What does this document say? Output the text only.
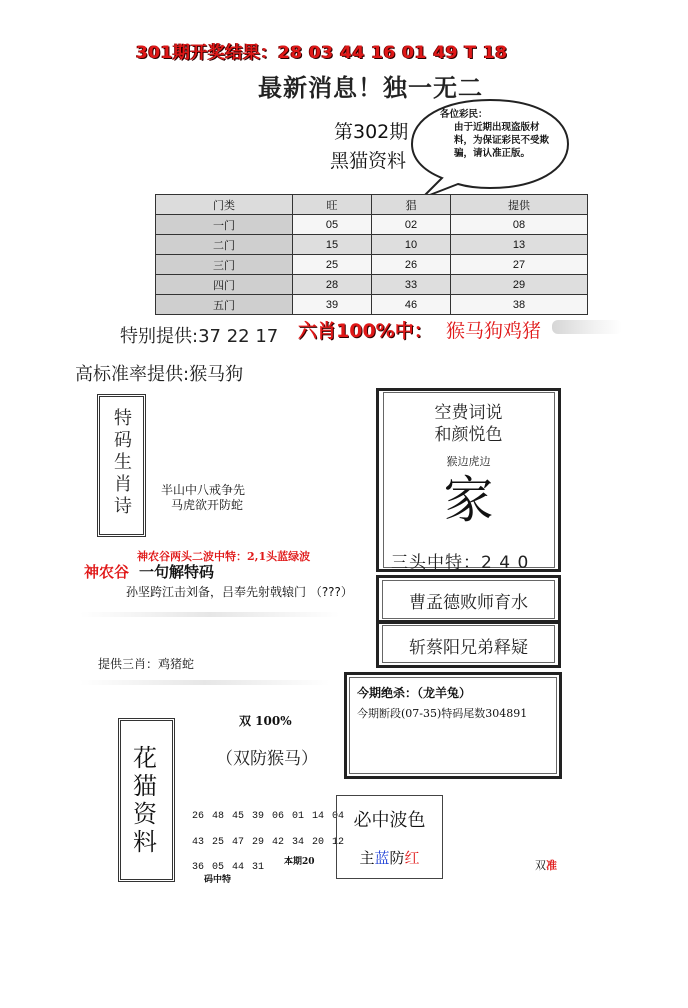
301期开奖结果：28 03 44 16 01 49 T 18
最新消息！独一无二
第302期
黑猫资料
各位彩民：
由于近期出现盗版材料，为保证彩民不受欺骗，请认准正版。
门类	旺	猖	提供
一门	05	02	08
二门	15	10	13
三门	25	26	27
四门	28	33	29
五门	39	46	38
特别提供:37 22 17 六肖100%中： 猴马狗鸡猪
高标准率提供:猴马狗
特码生肖诗
半山中八戒争先
马虎欲开防蛇
空费词说
和颜悦色
猴边虎边
家
三头中特：2 4 0
曹孟德败师育水
斩蔡阳兄弟释疑
神农谷两头二波中特：2,1头蓝绿波
神农谷 一句解特码
孙坚跨江击刘备，吕奉先射戟辕门 （???）
提供三肖：鸡猪蛇
今期绝杀：（龙羊兔）
今期断段(07-35)特码尾数304891
花猫资料
双 100%
（双防猴马）
26 48 45 39 06 01 14 04
43 25 47 29 42 34 20 12
36 05 44 31 本期20
码中特
必中波色
主蓝防红	双准
